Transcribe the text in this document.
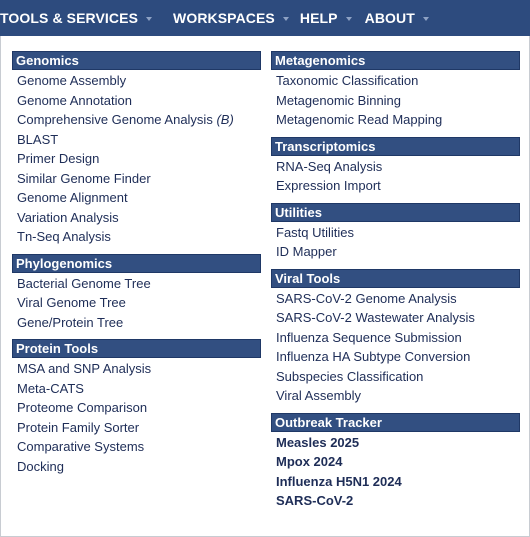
TOOLS & SERVICES	WORKSPACES HELP ABOUT
Genomics
Genome Assembly
Genome Annotation
Comprehensive Genome Analysis (B)
BLAST
Primer Design
Similar Genome Finder
Genome Alignment
Variation Analysis
Tn-Seq Analysis
Phylogenomics
Bacterial Genome Tree
Viral Genome Tree
Gene/Protein Tree
Protein Tools
MSA and SNP Analysis
Meta-CATS
Proteome Comparison
Protein Family Sorter
Comparative Systems
Docking
Metagenomics
Taxonomic Classification
Metagenomic Binning
Metagenomic Read Mapping
Transcriptomics
RNA-Seq Analysis
Expression Import
Utilities
Fastq Utilities
ID Mapper
Viral Tools
SARS-CoV-2 Genome Analysis
SARS-CoV-2 Wastewater Analysis
Influenza Sequence Submission
Influenza HA Subtype Conversion
Subspecies Classification
Viral Assembly
Outbreak Tracker
Measles 2025
Mpox 2024
Influenza H5N1 2024
SARS-CoV-2
